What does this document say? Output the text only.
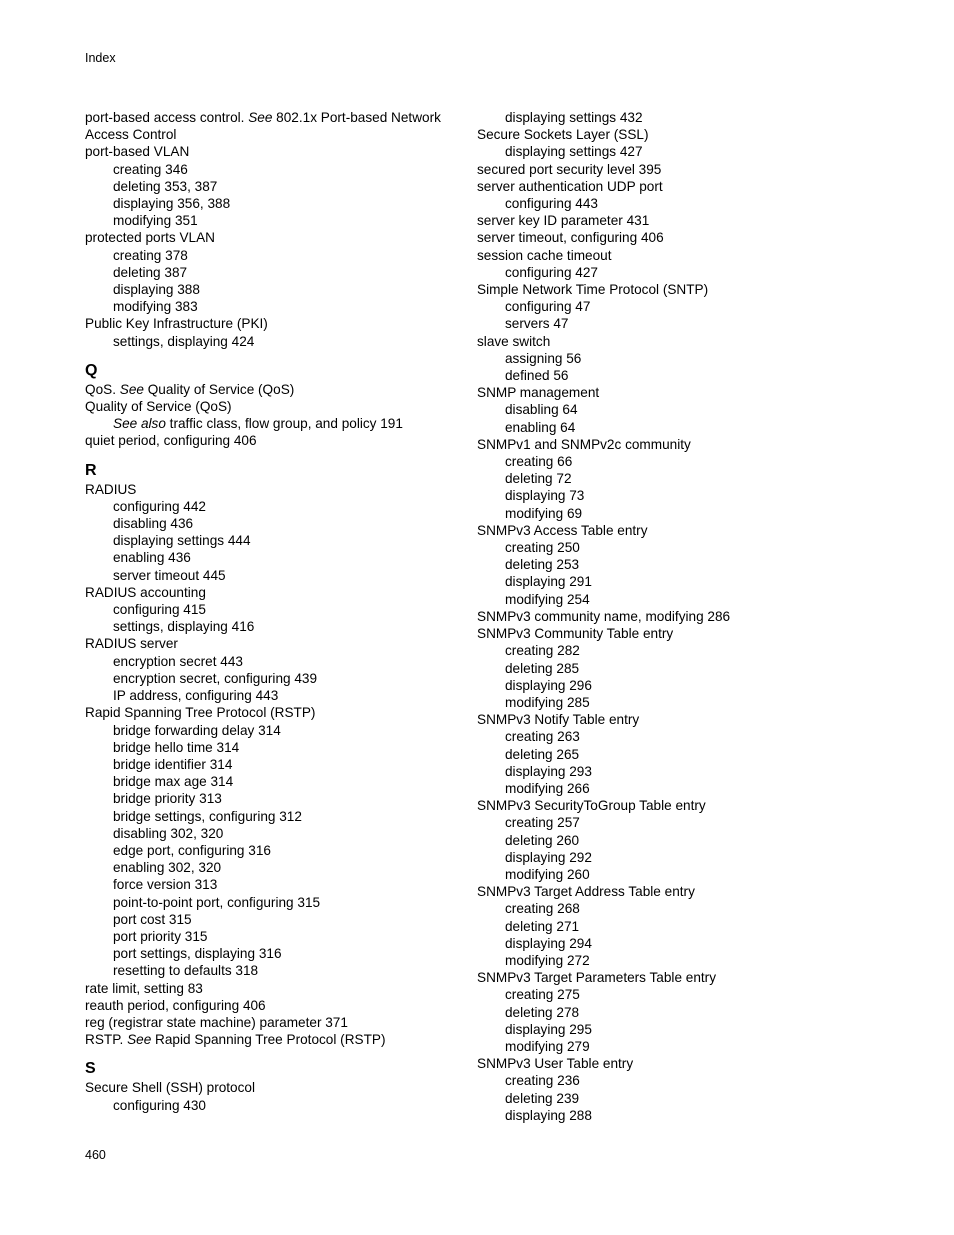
Index
port-based access control. See 802.1x Port-based Network
Access Control
port-based VLAN
creating 346
deleting 353, 387
displaying 356, 388
modifying 351
protected ports VLAN
creating 378
deleting 387
displaying 388
modifying 383
Public Key Infrastructure (PKI)
settings, displaying 424
Q
QoS. See Quality of Service (QoS)
Quality of Service (QoS)
See also traffic class, flow group, and policy 191
quiet period, configuring 406
R
RADIUS
configuring 442
disabling 436
displaying settings 444
enabling 436
server timeout 445
RADIUS accounting
configuring 415
settings, displaying 416
RADIUS server
encryption secret 443
encryption secret, configuring 439
IP address, configuring 443
Rapid Spanning Tree Protocol (RSTP)
bridge forwarding delay 314
bridge hello time 314
bridge identifier 314
bridge max age 314
bridge priority 313
bridge settings, configuring 312
disabling 302, 320
edge port, configuring 316
enabling 302, 320
force version 313
point-to-point port, configuring 315
port cost 315
port priority 315
port settings, displaying 316
resetting to defaults 318
rate limit, setting 83
reauth period, configuring 406
reg (registrar state machine) parameter 371
RSTP. See Rapid Spanning Tree Protocol (RSTP)
S
Secure Shell (SSH) protocol
configuring 430
displaying settings 432
Secure Sockets Layer (SSL)
displaying settings 427
secured port security level 395
server authentication UDP port
configuring 443
server key ID parameter 431
server timeout, configuring 406
session cache timeout
configuring 427
Simple Network Time Protocol (SNTP)
configuring 47
servers 47
slave switch
assigning 56
defined 56
SNMP management
disabling 64
enabling 64
SNMPv1 and SNMPv2c community
creating 66
deleting 72
displaying 73
modifying 69
SNMPv3 Access Table entry
creating 250
deleting 253
displaying 291
modifying 254
SNMPv3 community name, modifying 286
SNMPv3 Community Table entry
creating 282
deleting 285
displaying 296
modifying 285
SNMPv3 Notify Table entry
creating 263
deleting 265
displaying 293
modifying 266
SNMPv3 SecurityToGroup Table entry
creating 257
deleting 260
displaying 292
modifying 260
SNMPv3 Target Address Table entry
creating 268
deleting 271
displaying 294
modifying 272
SNMPv3 Target Parameters Table entry
creating 275
deleting 278
displaying 295
modifying 279
SNMPv3 User Table entry
creating 236
deleting 239
displaying 288
460
